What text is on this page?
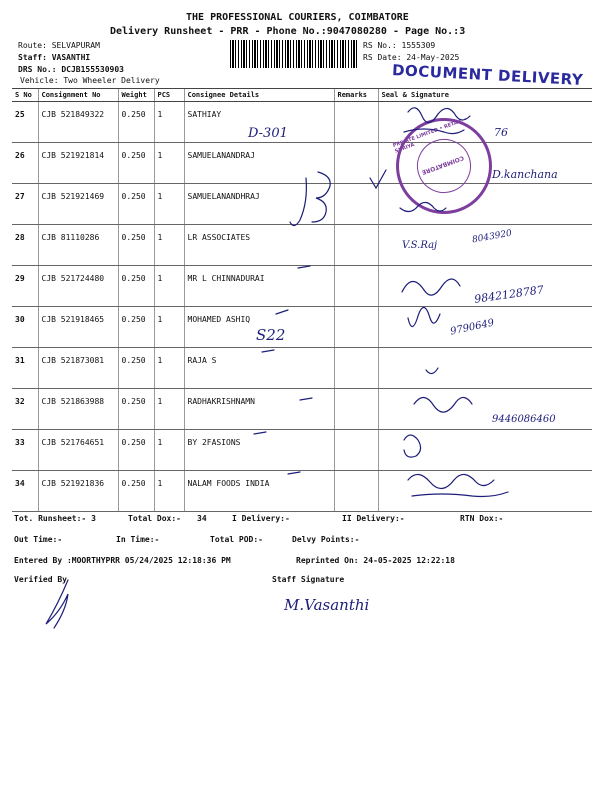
THE PROFESSIONAL COURIERS, COIMBATORE
Delivery Runsheet - PRR - Phone No.:9047080280 - Page No.:3
Route: SELVAPURAM
Staff: VASANTHI
DRS No.: DCJB155530903
Vehicle: Two Wheeler Delivery
RS No.: 1555309
RS Date: 24-May-2025
DOCUMENT DELIVERY
S No	Consignment No	Weight	PCS	Consignee Details	Remarks	Seal & Signature
25	CJB 521849322	0.250	1	SATHIAY		
26	CJB 521921814	0.250	1	SAMUELANANDRAJ		
27	CJB 521921469	0.250	1	SAMUELANANDHRAJ		
28	CJB 81110286	0.250	1	LR ASSOCIATES		
29	CJB 521724480	0.250	1	MR L CHINNADURAI		
30	CJB 521918465	0.250	1	MOHAMED ASHIQ		
31	CJB 521873081	0.250	1	RAJA S		
32	CJB 521863988	0.250	1	RADHAKRISHNAMN		
33	CJB 521764651	0.250	1	BY 2FASIONS		
34	CJB 521921836	0.250	1	NALAM FOODS INDIA		
COIMBATORE
PRIVATE LIMITED • RETAIL • SURIYA
D-301	76
D.kanchana
V.S.Raj
8043920
9842128787
9790649
S22
9446086460
M.Vasanthi
Tot. Runsheet:- 3	Total Dox:- 34	I Delivery:-	II Delivery:-	RTN Dox:-
Out Time:-	In Time:-	Total POD:-	Delvy Points:-
Entered By :MOORTHYPRR 05/24/2025 12:18:36 PM	Reprinted On: 24-05-2025 12:22:18
Verified By	Staff Signature
